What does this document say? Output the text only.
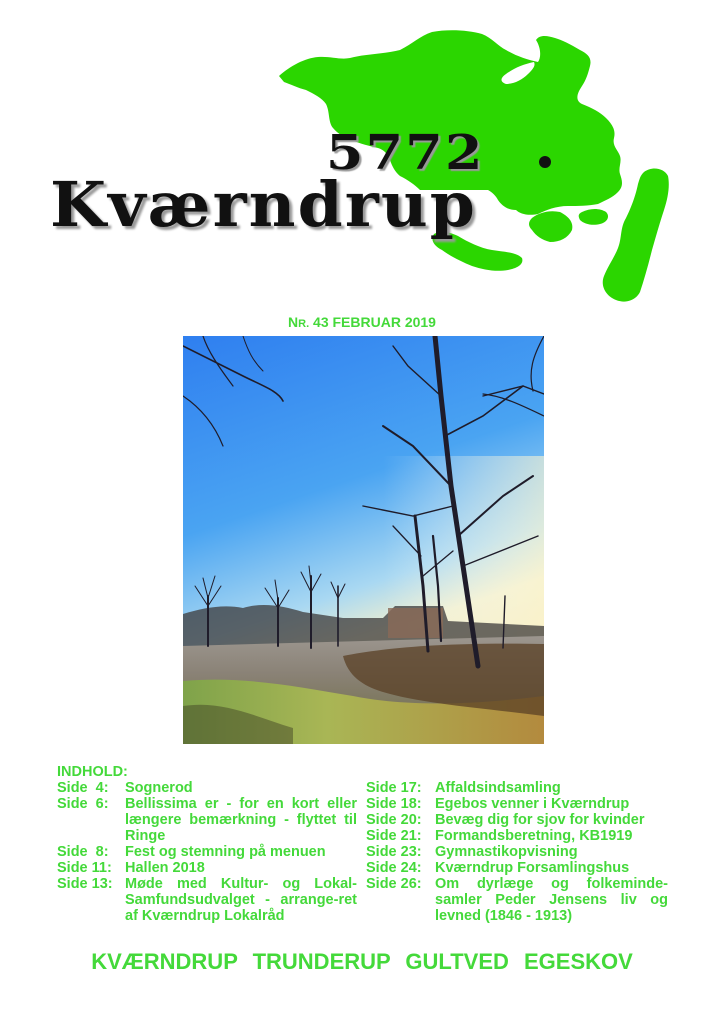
5772
Kværndrup
NR. 43 FEBRUAR 2019
INDHOLD:
Side  4:	Sognerod
Side  6:	Bellissima er - for en kort eller længere bemærkning - flyttet til Ringe
Side  8:	Fest og stemning på menuen
Side 11: Hallen 2018
Side 13: Møde med Kultur- og Lokal-Samfundsudvalget - arrange-ret af Kværndrup Lokalråd
Side 17: Affaldsindsamling
Side 18: Egebos venner i Kværndrup
Side 20: Bevæg dig for sjov for kvinder
Side 21: Formandsberetning, KB1919
Side 23: Gymnastikopvisning
Side 24: Kværndrup Forsamlingshus
Side 26: Om dyrlæge og folkeminde-samler Peder Jensens liv og levned (1846 - 1913)
KVÆRNDRUP TRUNDERUP GULTVED EGESKOV
